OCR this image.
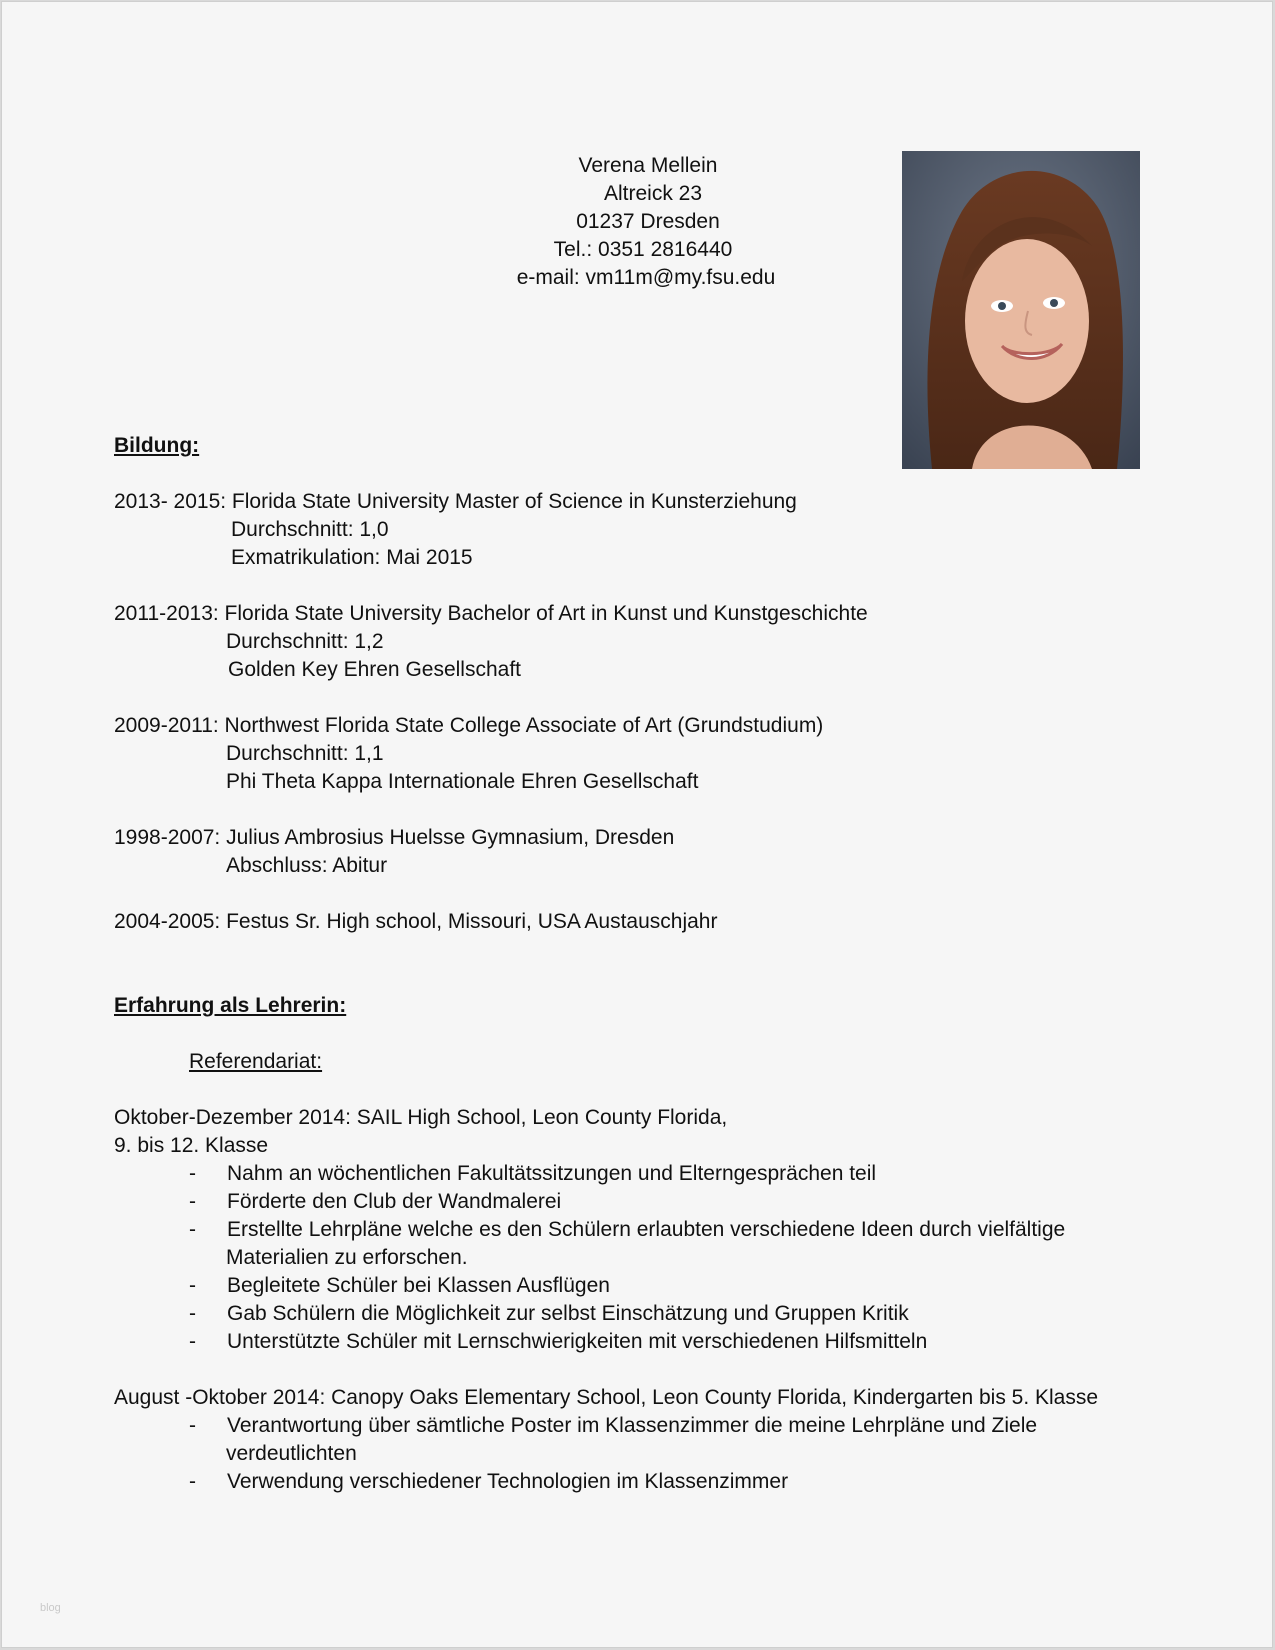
Verena Mellein
Altreick 23
01237 Dresden
Tel.: 0351 2816440
e-mail: vm11m@my.fsu.edu
Bildung:
2013- 2015: Florida State University Master of Science in Kunsterziehung
Durchschnitt: 1,0
Exmatrikulation: Mai 2015
2011-2013: Florida State University Bachelor of Art in Kunst und Kunstgeschichte
Durchschnitt: 1,2
Golden Key Ehren Gesellschaft
2009-2011: Northwest Florida State College Associate of Art (Grundstudium)
Durchschnitt: 1,1
Phi Theta Kappa Internationale Ehren Gesellschaft
1998-2007: Julius Ambrosius Huelsse Gymnasium, Dresden
Abschluss: Abitur
2004-2005: Festus Sr. High school, Missouri, USA Austauschjahr
Erfahrung als Lehrerin:
Referendariat:
Oktober-Dezember 2014: SAIL High School, Leon County Florida,
9. bis 12. Klasse
- Nahm an wöchentlichen Fakultätssitzungen und Elterngesprächen teil
- Förderte den Club der Wandmalerei
- Erstellte Lehrpläne welche es den Schülern erlaubten verschiedene Ideen durch vielfältige
Materialien zu erforschen.
- Begleitete Schüler bei Klassen Ausflügen
- Gab Schülern die Möglichkeit zur selbst Einschätzung und Gruppen Kritik
- Unterstützte Schüler mit Lernschwierigkeiten mit verschiedenen Hilfsmitteln
August -Oktober 2014: Canopy Oaks Elementary School, Leon County Florida, Kindergarten bis 5. Klasse
- Verantwortung über sämtliche Poster im Klassenzimmer die meine Lehrpläne und Ziele
verdeutlichten
- Verwendung verschiedener Technologien im Klassenzimmer
blog
